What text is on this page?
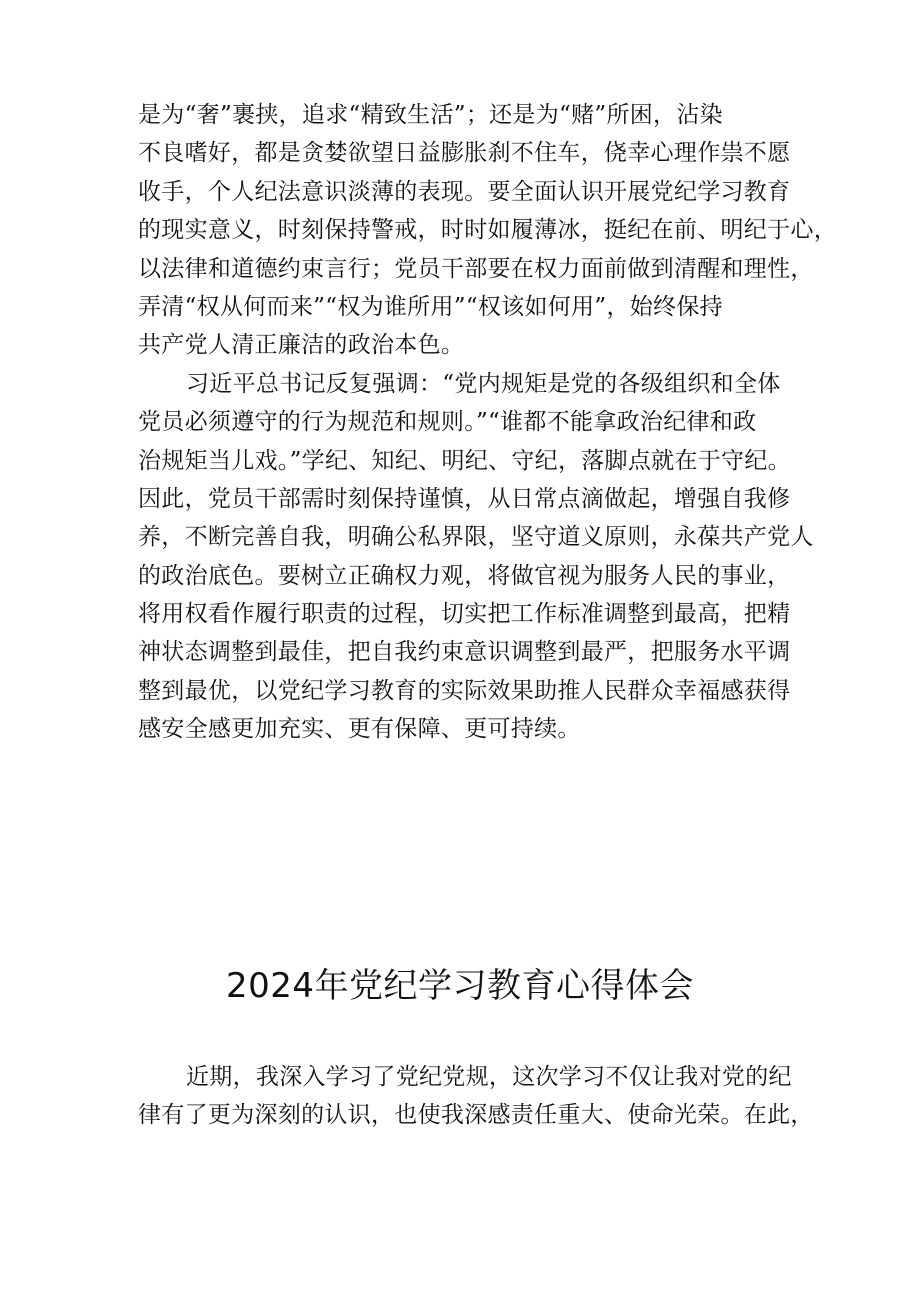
是为“奢”裹挟，追求“精致生活”；还是为“赌”所困，沾染
不良嗜好，都是贪婪欲望日益膨胀刹不住车，侥幸心理作祟不愿
收手，个人纪法意识淡薄的表现。要全面认识开展党纪学习教育
的现实意义，时刻保持警戒，时时如履薄冰，挺纪在前、明纪于心，
以法律和道德约束言行；党员干部要在权力面前做到清醒和理性，
弄清“权从何而来”“权为谁所用”“权该如何用”，始终保持
共产党人清正廉洁的政治本色。
习近平总书记反复强调：“党内规矩是党的各级组织和全体
党员必须遵守的行为规范和规则。”“谁都不能拿政治纪律和政
治规矩当儿戏。”学纪、知纪、明纪、守纪，落脚点就在于守纪。
因此，党员干部需时刻保持谨慎，从日常点滴做起，增强自我修
养，不断完善自我，明确公私界限，坚守道义原则，永葆共产党人
的政治底色。要树立正确权力观，将做官视为服务人民的事业，
将用权看作履行职责的过程，切实把工作标准调整到最高，把精
神状态调整到最佳，把自我约束意识调整到最严，把服务水平调
整到最优，以党纪学习教育的实际效果助推人民群众幸福感获得
感安全感更加充实、更有保障、更可持续。
2024年党纪学习教育心得体会
近期，我深入学习了党纪党规，这次学习不仅让我对党的纪
律有了更为深刻的认识，也使我深感责任重大、使命光荣。在此，
